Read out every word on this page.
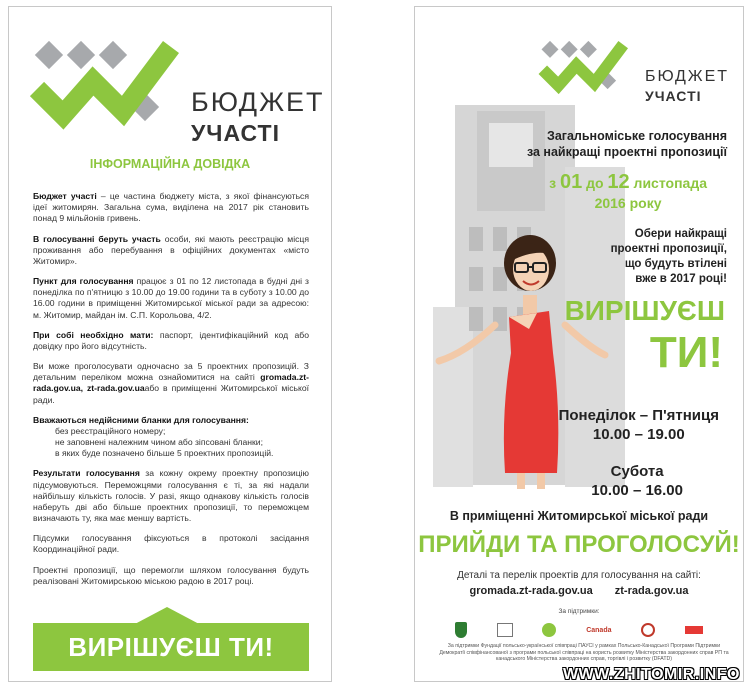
БЮДЖЕТ
УЧАСТІ
ІНФОРМАЦІЙНА ДОВІДКА

Бюджет участі – це частина бюджету міста, з якої фінансуються ідеї житомирян. Загальна сума, виділена на 2017 рік становить понад 9 мільйонів гривень.

В голосуванні беруть участь особи, які мають реєстрацію місця проживання або перебування в офіційних документах «місто Житомир».

Пункт для голосування працює з 01 по 12 листопада в будні дні з понеділка по п'ятницю з 10.00 до 19.00 години та в суботу з 10.00 до 16.00 години в приміщенні Житомирської міської ради за адресою: м. Житомир, майдан ім. С.П. Корольова, 4/2.

При собі необхідно мати: паспорт, ідентифікаційний код або довідку про його відсутність.

Ви може проголосувати одночасно за 5 проектних пропозицій. З детальним переліком можна ознайомитися на сайті gromada.zt-rada.gov.ua, zt-rada.gov.uaабо в приміщенні Житомирської міської ради.

Вважаються недійсними бланки для голосування:
без реєстраційного номеру;
не заповнені належним чином або зіпсовані бланки;
в яких буде позначено більше 5 проектних пропозицій.

Результати голосування за кожну окрему проектну пропозицію підсумовуються. Переможцями голосування є ті, за які надали найбільшу кількість голосів. У разі, якщо однакову кількість голосів наберуть дві або більше проектних пропозиції, то переможцем визначають ту, яка має меншу вартість.

Підсумки голосування фіксуються в протоколі засідання Координаційної ради.

Проектні пропозиції, що перемогли шляхом голосування будуть реалізовані Житомирською міською радою в 2017 році.

ВИРІШУЄШ ТИ!
БЮДЖЕТ
УЧАСТІ
Загальноміське голосування
за найкращі проектні пропозиції
з 01 до 12 листопада
2016 року
Обери найкращі
проектні пропозиції,
що будуть втілені
вже в 2017 році!
ВИРІШУЄШ
ТИ!
Понеділок – П'ятниця
10.00 – 19.00
Субота
10.00 – 16.00
В приміщенні Житомирської міської ради
ПРИЙДИ ТА ПРОГОЛОСУЙ!
Деталі та перелік проектів для голосування на сайті:
gromada.zt-rada.gov.ua zt-rada.gov.ua
За підтримки:
Canada
За підтримки Фундації польсько-української співпраці ПАУСІ у рамках Польсько-Канадської Програми Підтримки Демократії співфінансованої з програми польської співпраці на користь розвитку Міністерства закордонних справ РП та канадського Міністерства закордонних справ, торгівлі і розвитку (DFATD)
WWW.ZHITOMIR.INFO
